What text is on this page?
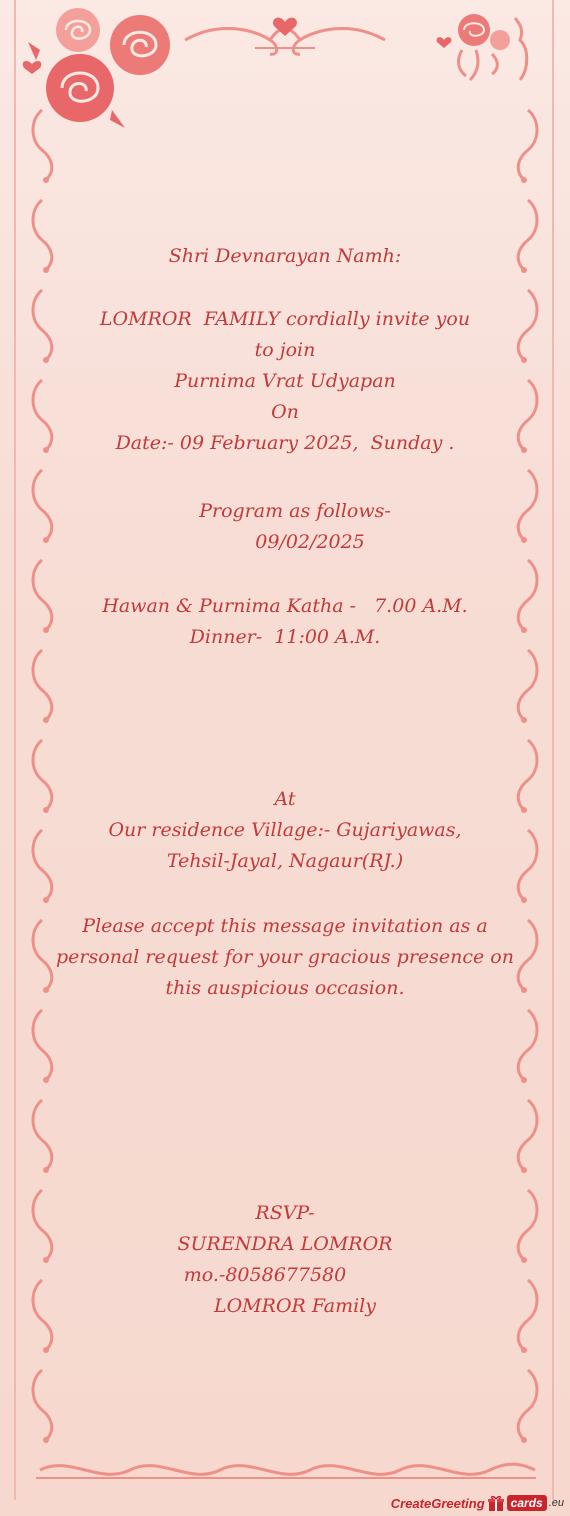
Shri Devnarayan Namh:
LOMROR  FAMILY cordially invite you
to join
Purnima Vrat Udyapan
On
Date:- 09 February 2025,  Sunday .
Program as follows-
09/02/2025
Hawan & Purnima Katha -   7.00 A.M.
Dinner-  11:00 A.M.
At
Our residence Village:- Gujariyawas,
Tehsil-Jayal, Nagaur(RJ.)
Please accept this message invitation as a
personal request for your gracious presence on
this auspicious occasion.
RSVP-
SURENDRA LOMROR
mo.-8058677580
LOMROR Family
CreateGreeting	cards .eu
